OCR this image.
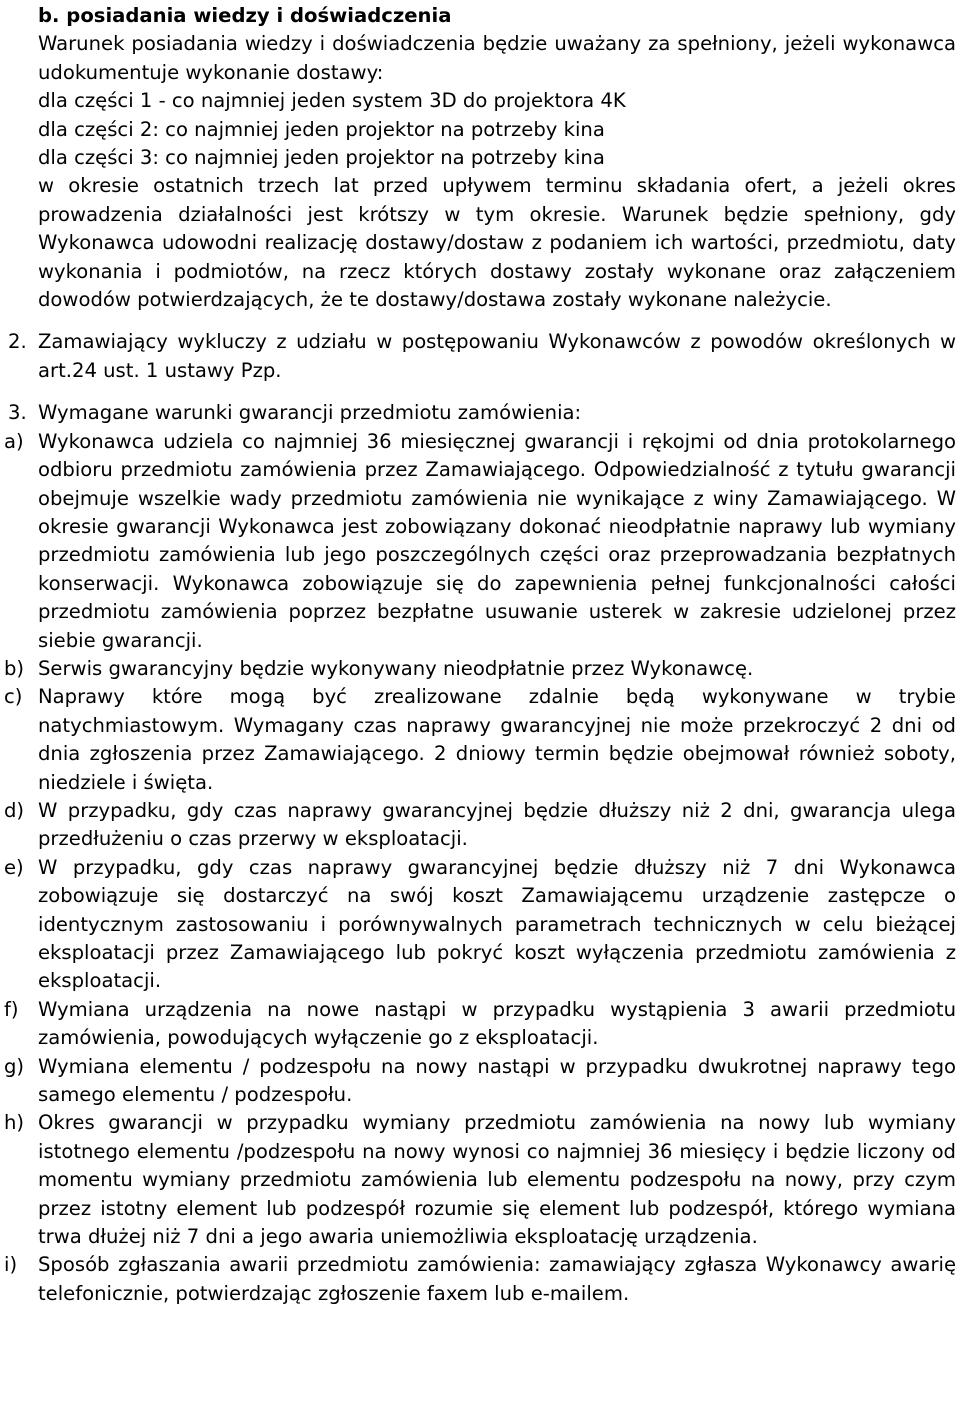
b. posiadania wiedzy i doświadczenia

Warunek posiadania wiedzy i doświadczenia będzie uważany za spełniony, jeżeli wykonawca udokumentuje wykonanie dostawy:

dla części 1 - co najmniej jeden system 3D do projektora 4K

dla części 2: co najmniej jeden projektor na potrzeby kina

dla części 3: co najmniej jeden projektor na potrzeby kina

w okresie ostatnich trzech lat przed upływem terminu składania ofert, a jeżeli okres prowadzenia działalności jest krótszy w tym okresie. Warunek będzie spełniony, gdy Wykonawca udowodni realizację dostawy/dostaw z podaniem ich wartości, przedmiotu, daty wykonania i podmiotów, na rzecz których dostawy zostały wykonane oraz załączeniem dowodów potwierdzających, że te dostawy/dostawa zostały wykonane należycie.

2. Zamawiający wykluczy z udziału w postępowaniu Wykonawców z powodów określonych w art.24 ust. 1 ustawy Pzp.
3. Wymagane warunki gwarancji przedmiotu zamówienia:

a) Wykonawca udziela co najmniej 36 miesięcznej gwarancji i rękojmi od dnia protokolarnego odbioru przedmiotu zamówienia przez Zamawiającego. Odpowiedzialność z tytułu gwarancji obejmuje wszelkie wady przedmiotu zamówienia nie wynikające z winy Zamawiającego. W okresie gwarancji Wykonawca jest zobowiązany dokonać nieodpłatnie naprawy lub wymiany przedmiotu zamówienia lub jego poszczególnych części oraz przeprowadzania bezpłatnych konserwacji. Wykonawca zobowiązuje się do zapewnienia pełnej funkcjonalności całości przedmiotu zamówienia poprzez bezpłatne usuwanie usterek w zakresie udzielonej przez siebie gwarancji.
b) Serwis gwarancyjny będzie wykonywany nieodpłatnie przez Wykonawcę.
c) Naprawy które mogą być zrealizowane zdalnie będą wykonywane w trybie natychmiastowym. Wymagany czas naprawy gwarancyjnej nie może przekroczyć 2 dni od dnia zgłoszenia przez Zamawiającego. 2 dniowy termin będzie obejmował również soboty, niedziele i święta.
d) W przypadku, gdy czas naprawy gwarancyjnej będzie dłuższy niż 2 dni, gwarancja ulega przedłużeniu o czas przerwy w eksploatacji.
e) W przypadku, gdy czas naprawy gwarancyjnej będzie dłuższy niż 7 dni Wykonawca zobowiązuje się dostarczyć na swój koszt Zamawiającemu urządzenie zastępcze o identycznym zastosowaniu i porównywalnych parametrach technicznych w celu bieżącej eksploatacji przez Zamawiającego lub pokryć koszt wyłączenia przedmiotu zamówienia z eksploatacji.
f) Wymiana urządzenia na nowe nastąpi w przypadku wystąpienia 3 awarii przedmiotu zamówienia, powodujących wyłączenie go z eksploatacji.
g) Wymiana elementu / podzespołu na nowy nastąpi w przypadku dwukrotnej naprawy tego samego elementu / podzespołu.
h) Okres gwarancji w przypadku wymiany przedmiotu zamówienia na nowy lub wymiany istotnego elementu /podzespołu na nowy wynosi co najmniej 36 miesięcy i będzie liczony od momentu wymiany przedmiotu zamówienia lub elementu podzespołu na nowy, przy czym przez istotny element lub podzespół rozumie się element lub podzespół, którego wymiana trwa dłużej niż 7 dni a jego awaria uniemożliwia eksploatację urządzenia.
i) Sposób zgłaszania awarii przedmiotu zamówienia: zamawiający zgłasza Wykonawcy awarię telefonicznie, potwierdzając zgłoszenie faxem lub e-mailem.
